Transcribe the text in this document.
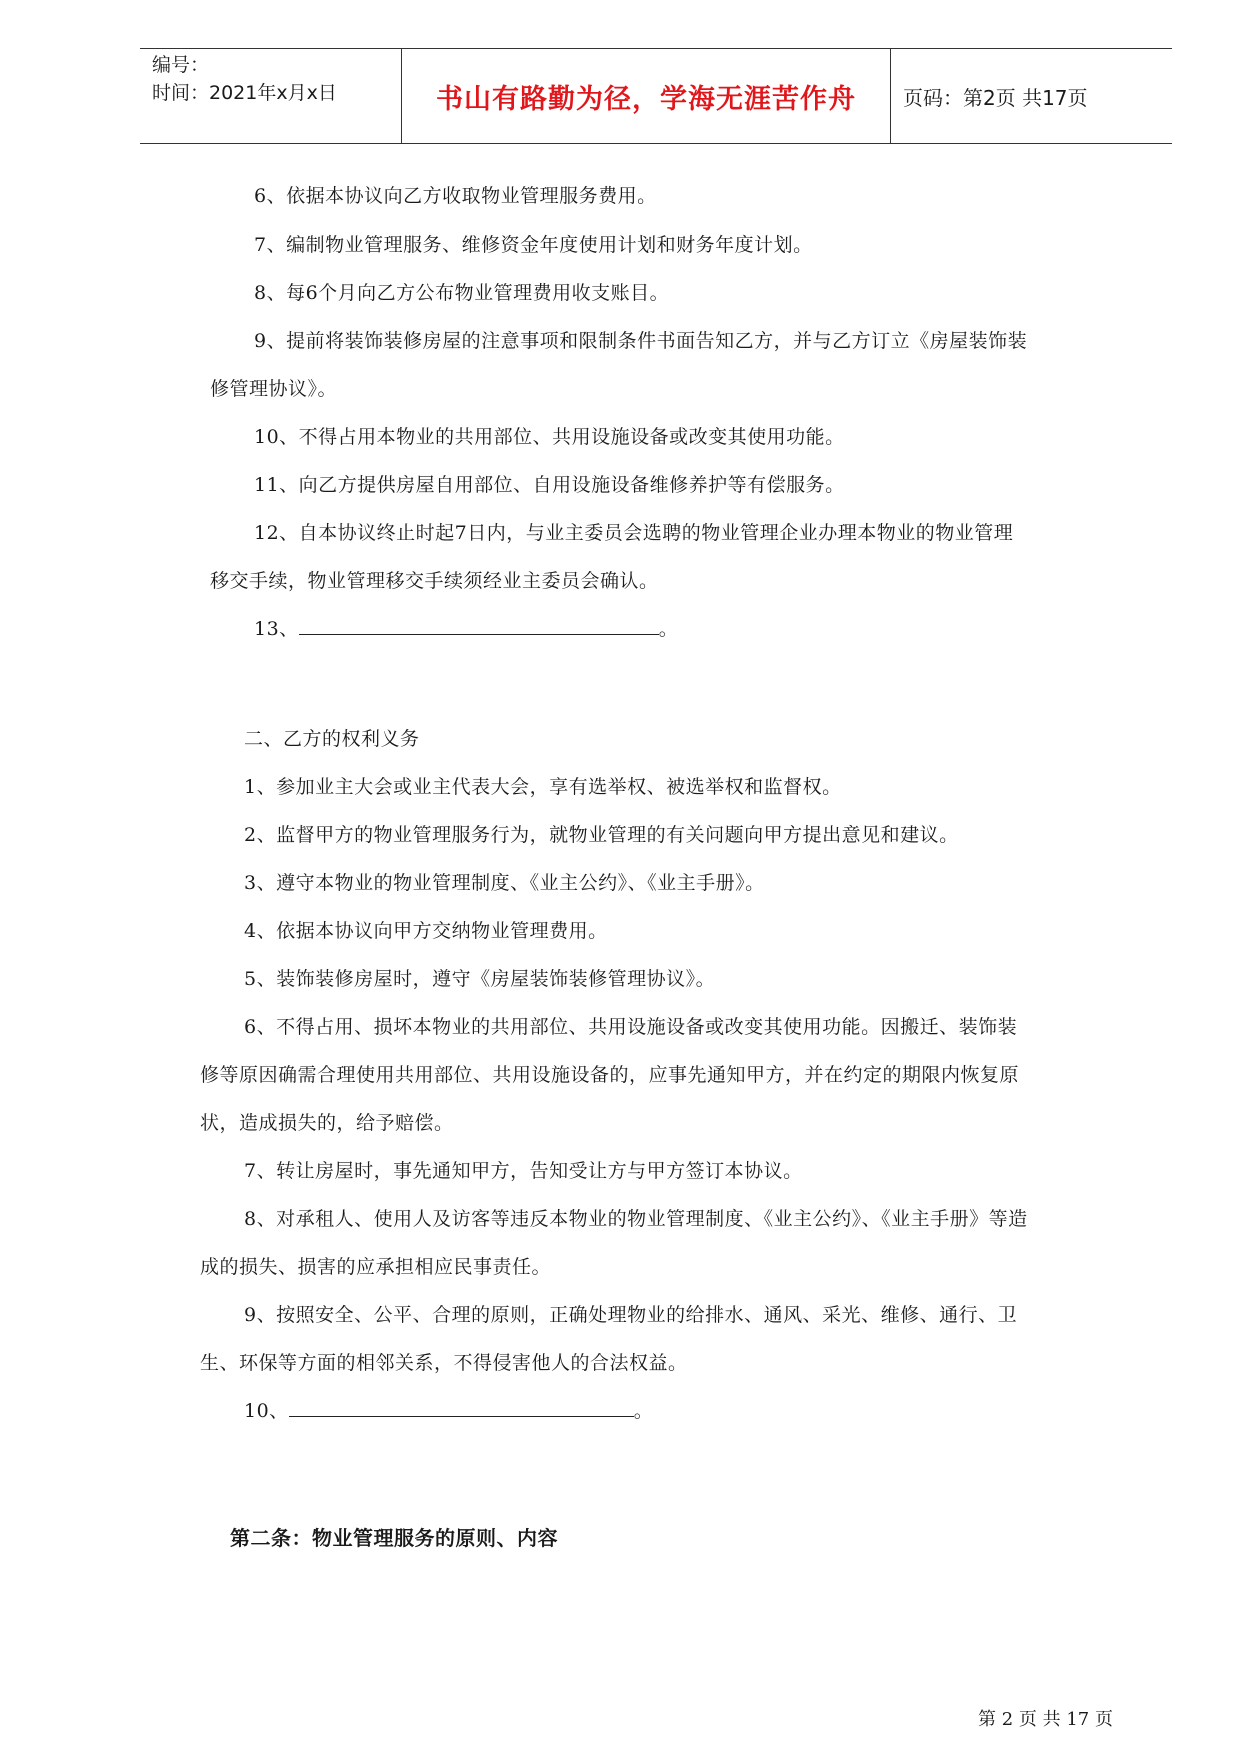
编号：
时间：2021年x月x日	书山有路勤为径，学海无涯苦作舟 页码：第2页 共17页
6、依据本协议向乙方收取物业管理服务费用。
7、编制物业管理服务、维修资金年度使用计划和财务年度计划。
8、每6个月向乙方公布物业管理费用收支账目。
9、提前将装饰装修房屋的注意事项和限制条件书面告知乙方，并与乙方订立《房屋装饰装
修管理协议》。
10、不得占用本物业的共用部位、共用设施设备或改变其使用功能。
11、向乙方提供房屋自用部位、自用设施设备维修养护等有偿服务。
12、自本协议终止时起7日内，与业主委员会选聘的物业管理企业办理本物业的物业管理
移交手续，物业管理移交手续须经业主委员会确认。
13、	。
二、乙方的权利义务
1、参加业主大会或业主代表大会，享有选举权、被选举权和监督权。
2、监督甲方的物业管理服务行为，就物业管理的有关问题向甲方提出意见和建议。
3、遵守本物业的物业管理制度、《业主公约》、《业主手册》。
4、依据本协议向甲方交纳物业管理费用。
5、装饰装修房屋时，遵守《房屋装饰装修管理协议》。
6、不得占用、损坏本物业的共用部位、共用设施设备或改变其使用功能。因搬迁、装饰装
修等原因确需合理使用共用部位、共用设施设备的，应事先通知甲方，并在约定的期限内恢复原
状，造成损失的，给予赔偿。
7、转让房屋时，事先通知甲方，告知受让方与甲方签订本协议。
8、对承租人、使用人及访客等违反本物业的物业管理制度、《业主公约》、《业主手册》等造
成的损失、损害的应承担相应民事责任。
9、按照安全、公平、合理的原则，正确处理物业的给排水、通风、采光、维修、通行、卫
生、环保等方面的相邻关系，不得侵害他人的合法权益。
10、	。
第二条：物业管理服务的原则、内容
第 2 页 共 17 页
